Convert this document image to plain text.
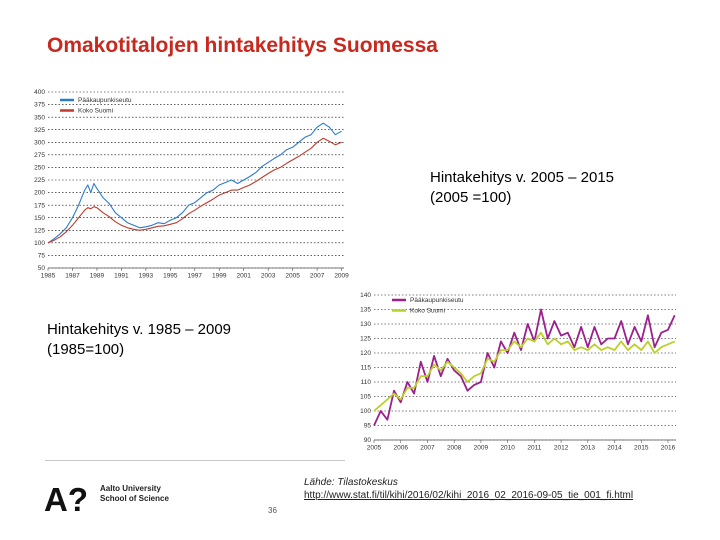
Omakotitalojen hintakehitys Suomessa
50
75
100
125
150
175
200
225
250
275
300
325
350
375
400
1985 1987 1989 1991 1993 1995 1997 1999 2001 2003 2005 2007 2009
Pääkaupunkiseutu
Koko Suomi
Hintakehitys v. 2005 – 2015
(2005 =100)
Hintakehitys v. 1985 – 2009
(1985=100)
90
95
100
105
110
115
120
125
130
135
140
2005 2006 2007 2008 2009 2010 2011 2012 2013 2014 2015 2016
Pääkaupunkiseutu
Koko Suomi
A? Aalto University
School of Science
Lähde: Tilastokeskus
http://www.stat.fi/til/kihi/2016/02/kihi_2016_02_2016-09-05_tie_001_fi.html
36
